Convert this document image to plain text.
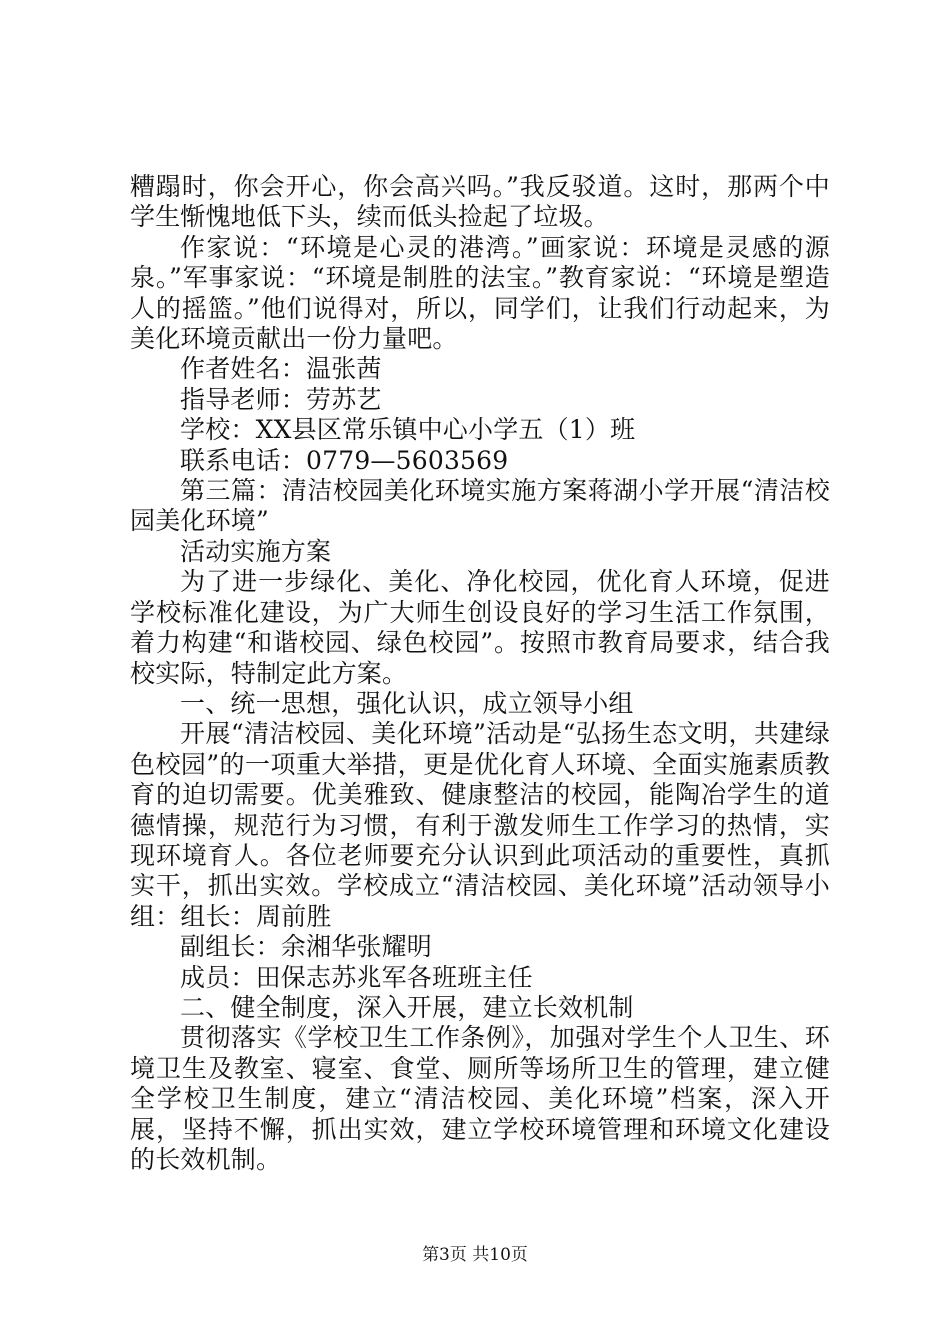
糟蹋时，你会开心，你会高兴吗。”我反驳道。这时，那两个中学生惭愧地低下头，续而低头捡起了垃圾。

作家说：“环境是心灵的港湾。”画家说：环境是灵感的源泉。”军事家说：“环境是制胜的法宝。”教育家说：“环境是塑造人的摇篮。”他们说得对，所以，同学们，让我们行动起来，为美化环境贡献出一份力量吧。

作者姓名：温张茜

指导老师：劳苏艺

学校：XX县区常乐镇中心小学五（1）班

联系电话：0779—5603569

第三篇：清洁校园美化环境实施方案蒋湖小学开展“清洁校园美化环境”

活动实施方案

为了进一步绿化、美化、净化校园，优化育人环境，促进学校标准化建设，为广大师生创设良好的学习生活工作氛围，着力构建“和谐校园、绿色校园”。按照市教育局要求，结合我校实际，特制定此方案。

一、统一思想，强化认识，成立领导小组

开展“清洁校园、美化环境”活动是“弘扬生态文明，共建绿色校园”的一项重大举措，更是优化育人环境、全面实施素质教育的迫切需要。优美雅致、健康整洁的校园，能陶冶学生的道德情操，规范行为习惯，有利于激发师生工作学习的热情，实现环境育人。各位老师要充分认识到此项活动的重要性，真抓实干，抓出实效。学校成立“清洁校园、美化环境”活动领导小组：组长：周前胜

副组长：余湘华张耀明

成员：田保志苏兆军各班班主任

二、健全制度，深入开展，建立长效机制

贯彻落实《学校卫生工作条例》，加强对学生个人卫生、环境卫生及教室、寝室、食堂、厕所等场所卫生的管理，建立健全学校卫生制度，建立“清洁校园、美化环境”档案，深入开展，坚持不懈，抓出实效，建立学校环境管理和环境文化建设的长效机制。

第3页 共10页
